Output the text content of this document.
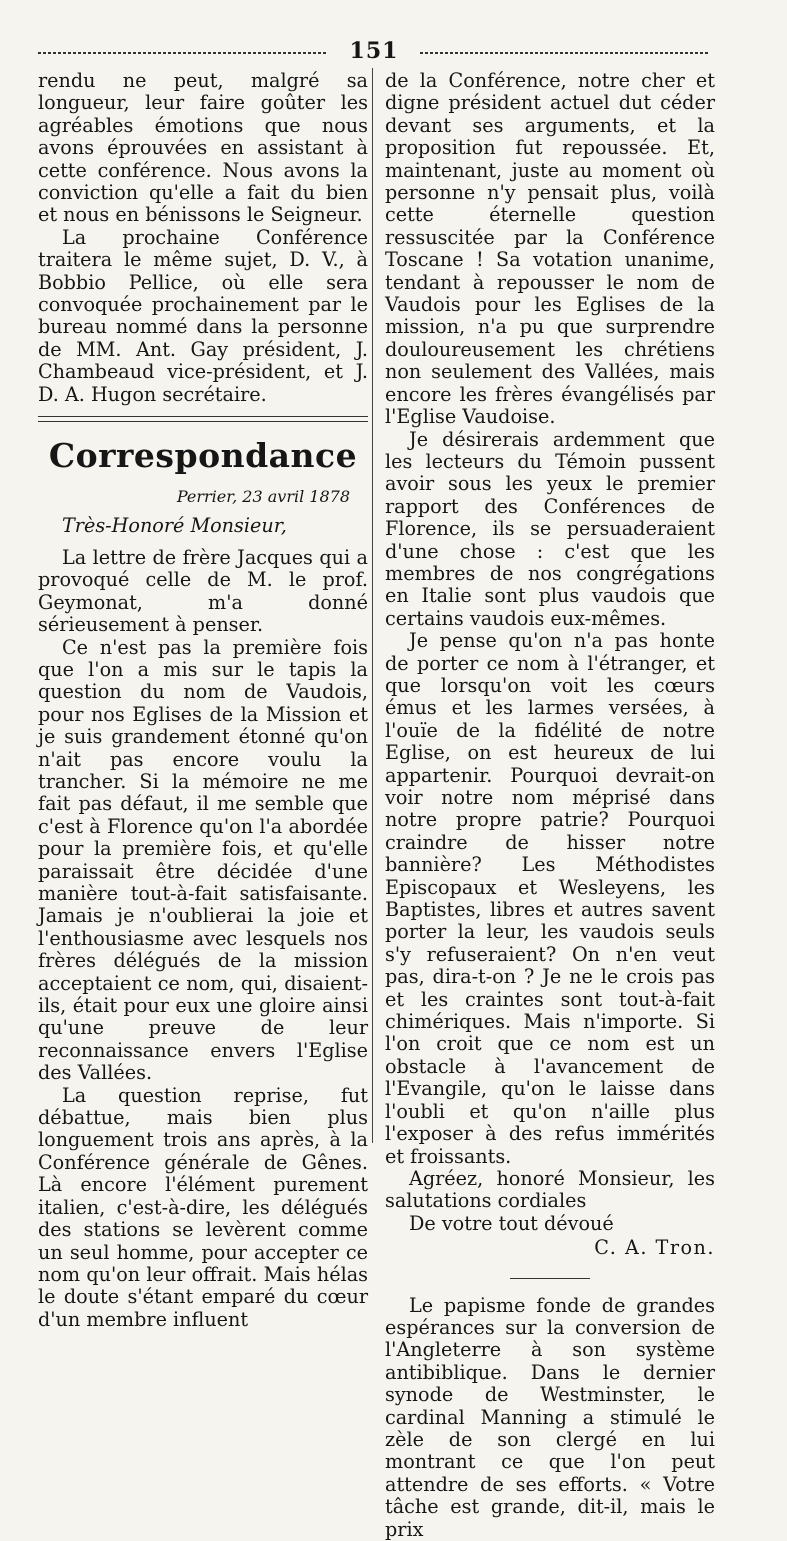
151

rendu ne peut, malgré sa longueur, leur faire goûter les agréables émotions que nous avons éprouvées en assistant à cette conférence. Nous avons la conviction qu'elle a fait du bien et nous en bénissons le Seigneur.

La prochaine Conférence traitera le même sujet, D. V., à Bobbio Pellice, où elle sera convoquée prochainement par le bureau nommé dans la personne de MM. Ant. Gay président, J. Chambeaud vice-président, et J. D. A. Hugon secrétaire.

Correspondance
Perrier, 23 avril 1878
Très-Honoré Monsieur,

La lettre de frère Jacques qui a provoqué celle de M. le prof. Geymonat, m'a donné sérieusement à penser.

Ce n'est pas la première fois que l'on a mis sur le tapis la question du nom de Vaudois, pour nos Eglises de la Mission et je suis grandement étonné qu'on n'ait pas encore voulu la trancher. Si la mémoire ne me fait pas défaut, il me semble que c'est à Florence qu'on l'a abordée pour la première fois, et qu'elle paraissait être décidée d'une manière tout-à-fait satisfaisante. Jamais je n'oublierai la joie et l'enthousiasme avec lesquels nos frères délégués de la mission acceptaient ce nom, qui, disaient-ils, était pour eux une gloire ainsi qu'une preuve de leur reconnaissance envers l'Eglise des Vallées.

La question reprise, fut débattue, mais bien plus longuement trois ans après, à la Conférence générale de Gênes. Là encore l'élément purement italien, c'est-à-dire, les délégués des stations se levèrent comme un seul homme, pour accepter ce nom qu'on leur offrait. Mais hélas le doute s'étant emparé du cœur d'un membre influent

de la Conférence, notre cher et digne président actuel dut céder devant ses arguments, et la proposition fut repoussée. Et, maintenant, juste au moment où personne n'y pensait plus, voilà cette éternelle question ressuscitée par la Conférence Toscane ! Sa votation unanime, tendant à repousser le nom de Vaudois pour les Eglises de la mission, n'a pu que surprendre douloureusement les chrétiens non seulement des Vallées, mais encore les frères évangélisés par l'Eglise Vaudoise.

Je désirerais ardemment que les lecteurs du Témoin pussent avoir sous les yeux le premier rapport des Conférences de Florence, ils se persuaderaient d'une chose : c'est que les membres de nos congrégations en Italie sont plus vaudois que certains vaudois eux-mêmes.

Je pense qu'on n'a pas honte de porter ce nom à l'étranger, et que lorsqu'on voit les cœurs émus et les larmes versées, à l'ouïe de la fidélité de notre Eglise, on est heureux de lui appartenir. Pourquoi devrait-on voir notre nom méprisé dans notre propre patrie? Pourquoi craindre de hisser notre bannière? Les Méthodistes Episcopaux et Wesleyens, les Baptistes, libres et autres savent porter la leur, les vaudois seuls s'y refuseraient? On n'en veut pas, dira-t-on ? Je ne le crois pas et les craintes sont tout-à-fait chimériques. Mais n'importe. Si l'on croit que ce nom est un obstacle à l'avancement de l'Evangile, qu'on le laisse dans l'oubli et qu'on n'aille plus l'exposer à des refus immérités et froissants.

Agréez, honoré Monsieur, les salutations cordiales

De votre tout dévoué

C. A. Tron.

Le papisme fonde de grandes espérances sur la conversion de l'Angleterre à son système antibiblique. Dans le dernier synode de Westminster, le cardinal Manning a stimulé le zèle de son clergé en lui montrant ce que l'on peut attendre de ses efforts. « Votre tâche est grande, dit-il, mais le prix
